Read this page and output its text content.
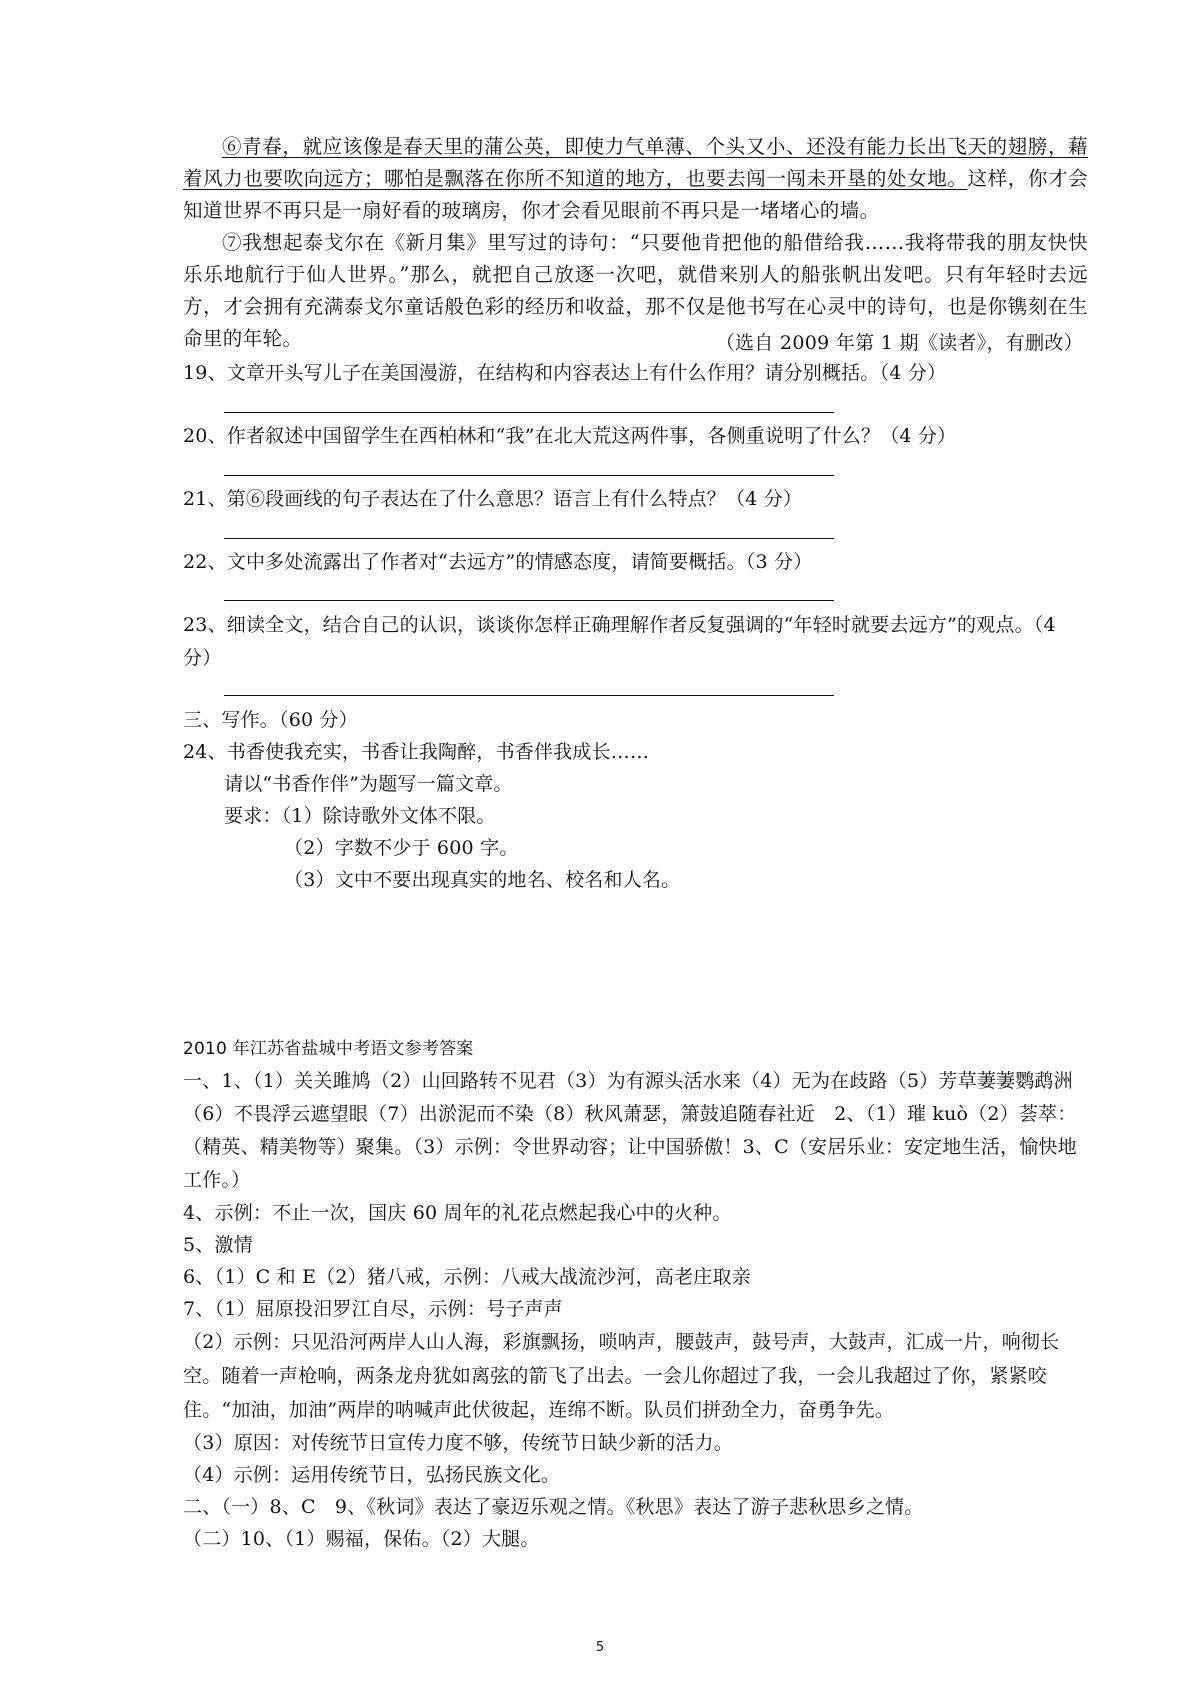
⑥青春，就应该像是春天里的蒲公英，即使力气单薄、个头又小、还没有能力长出飞天的翅膀，藉着风力也要吹向远方；哪怕是飘落在你所不知道的地方，也要去闯一闯未开垦的处女地。这样，你才会知道世界不再只是一扇好看的玻璃房，你才会看见眼前不再只是一堵堵心的墙。

⑦我想起泰戈尔在《新月集》里写过的诗句：“只要他肯把他的船借给我……我将带我的朋友快快乐乐地航行于仙人世界。”那么，就把自己放逐一次吧，就借来别人的船张帆出发吧。只有年轻时去远方，才会拥有充满泰戈尔童话般色彩的经历和收益，那不仅是他书写在心灵中的诗句，也是你镌刻在生命里的年轮。	（选自 2009 年第 1 期《读者》，有删改）

19、文章开头写儿子在美国漫游，在结构和内容表达上有什么作用？请分别概括。（4 分）

20、作者叙述中国留学生在西柏林和“我”在北大荒这两件事，各侧重说明了什么？（4 分）

21、第⑥段画线的句子表达在了什么意思？语言上有什么特点？（4 分）

22、文中多处流露出了作者对“去远方”的情感态度，请简要概括。（3 分）

23、细读全文，结合自己的认识，谈谈你怎样正确理解作者反复强调的“年轻时就要去远方”的观点。（4 分）

三、写作。（60 分）

24、书香使我充实，书香让我陶醉，书香伴我成长……

请以“书香作伴”为题写一篇文章。

要求：（1）除诗歌外文体不限。

（2）字数不少于 600 字。

（3）文中不要出现真实的地名、校名和人名。

2010 年江苏省盐城中考语文参考答案

一、1、（1）关关雎鸠（2）山回路转不见君（3）为有源头活水来（4）无为在歧路（5）芳草萋萋鹦鹉洲（6）不畏浮云遮望眼（7）出淤泥而不染（8）秋风萧瑟，箫鼓追随春社近　2、（1）璀 kuò（2）荟萃：（精英、精美物等）聚集。（3）示例：令世界动容；让中国骄傲！3、C（安居乐业：安定地生活，愉快地工作。）

4、示例：不止一次，国庆 60 周年的礼花点燃起我心中的火种。

5、激情

6、（1）C 和 E（2）猪八戒，示例：八戒大战流沙河，高老庄取亲

7、（1）屈原投汨罗江自尽，示例：号子声声

（2）示例：只见沿河两岸人山人海，彩旗飘扬，唢呐声，腰鼓声，鼓号声，大鼓声，汇成一片，响彻长空。随着一声枪响，两条龙舟犹如离弦的箭飞了出去。一会儿你超过了我，一会儿我超过了你，紧紧咬住。“加油，加油”两岸的呐喊声此伏彼起，连绵不断。队员们拼劲全力，奋勇争先。

（3）原因：对传统节日宣传力度不够，传统节日缺少新的活力。

（4）示例：运用传统节日，弘扬民族文化。

二、（一）8、C　9、《秋词》表达了豪迈乐观之情。《秋思》表达了游子悲秋思乡之情。

（二）10、（1）赐福，保佑。（2）大腿。

5
